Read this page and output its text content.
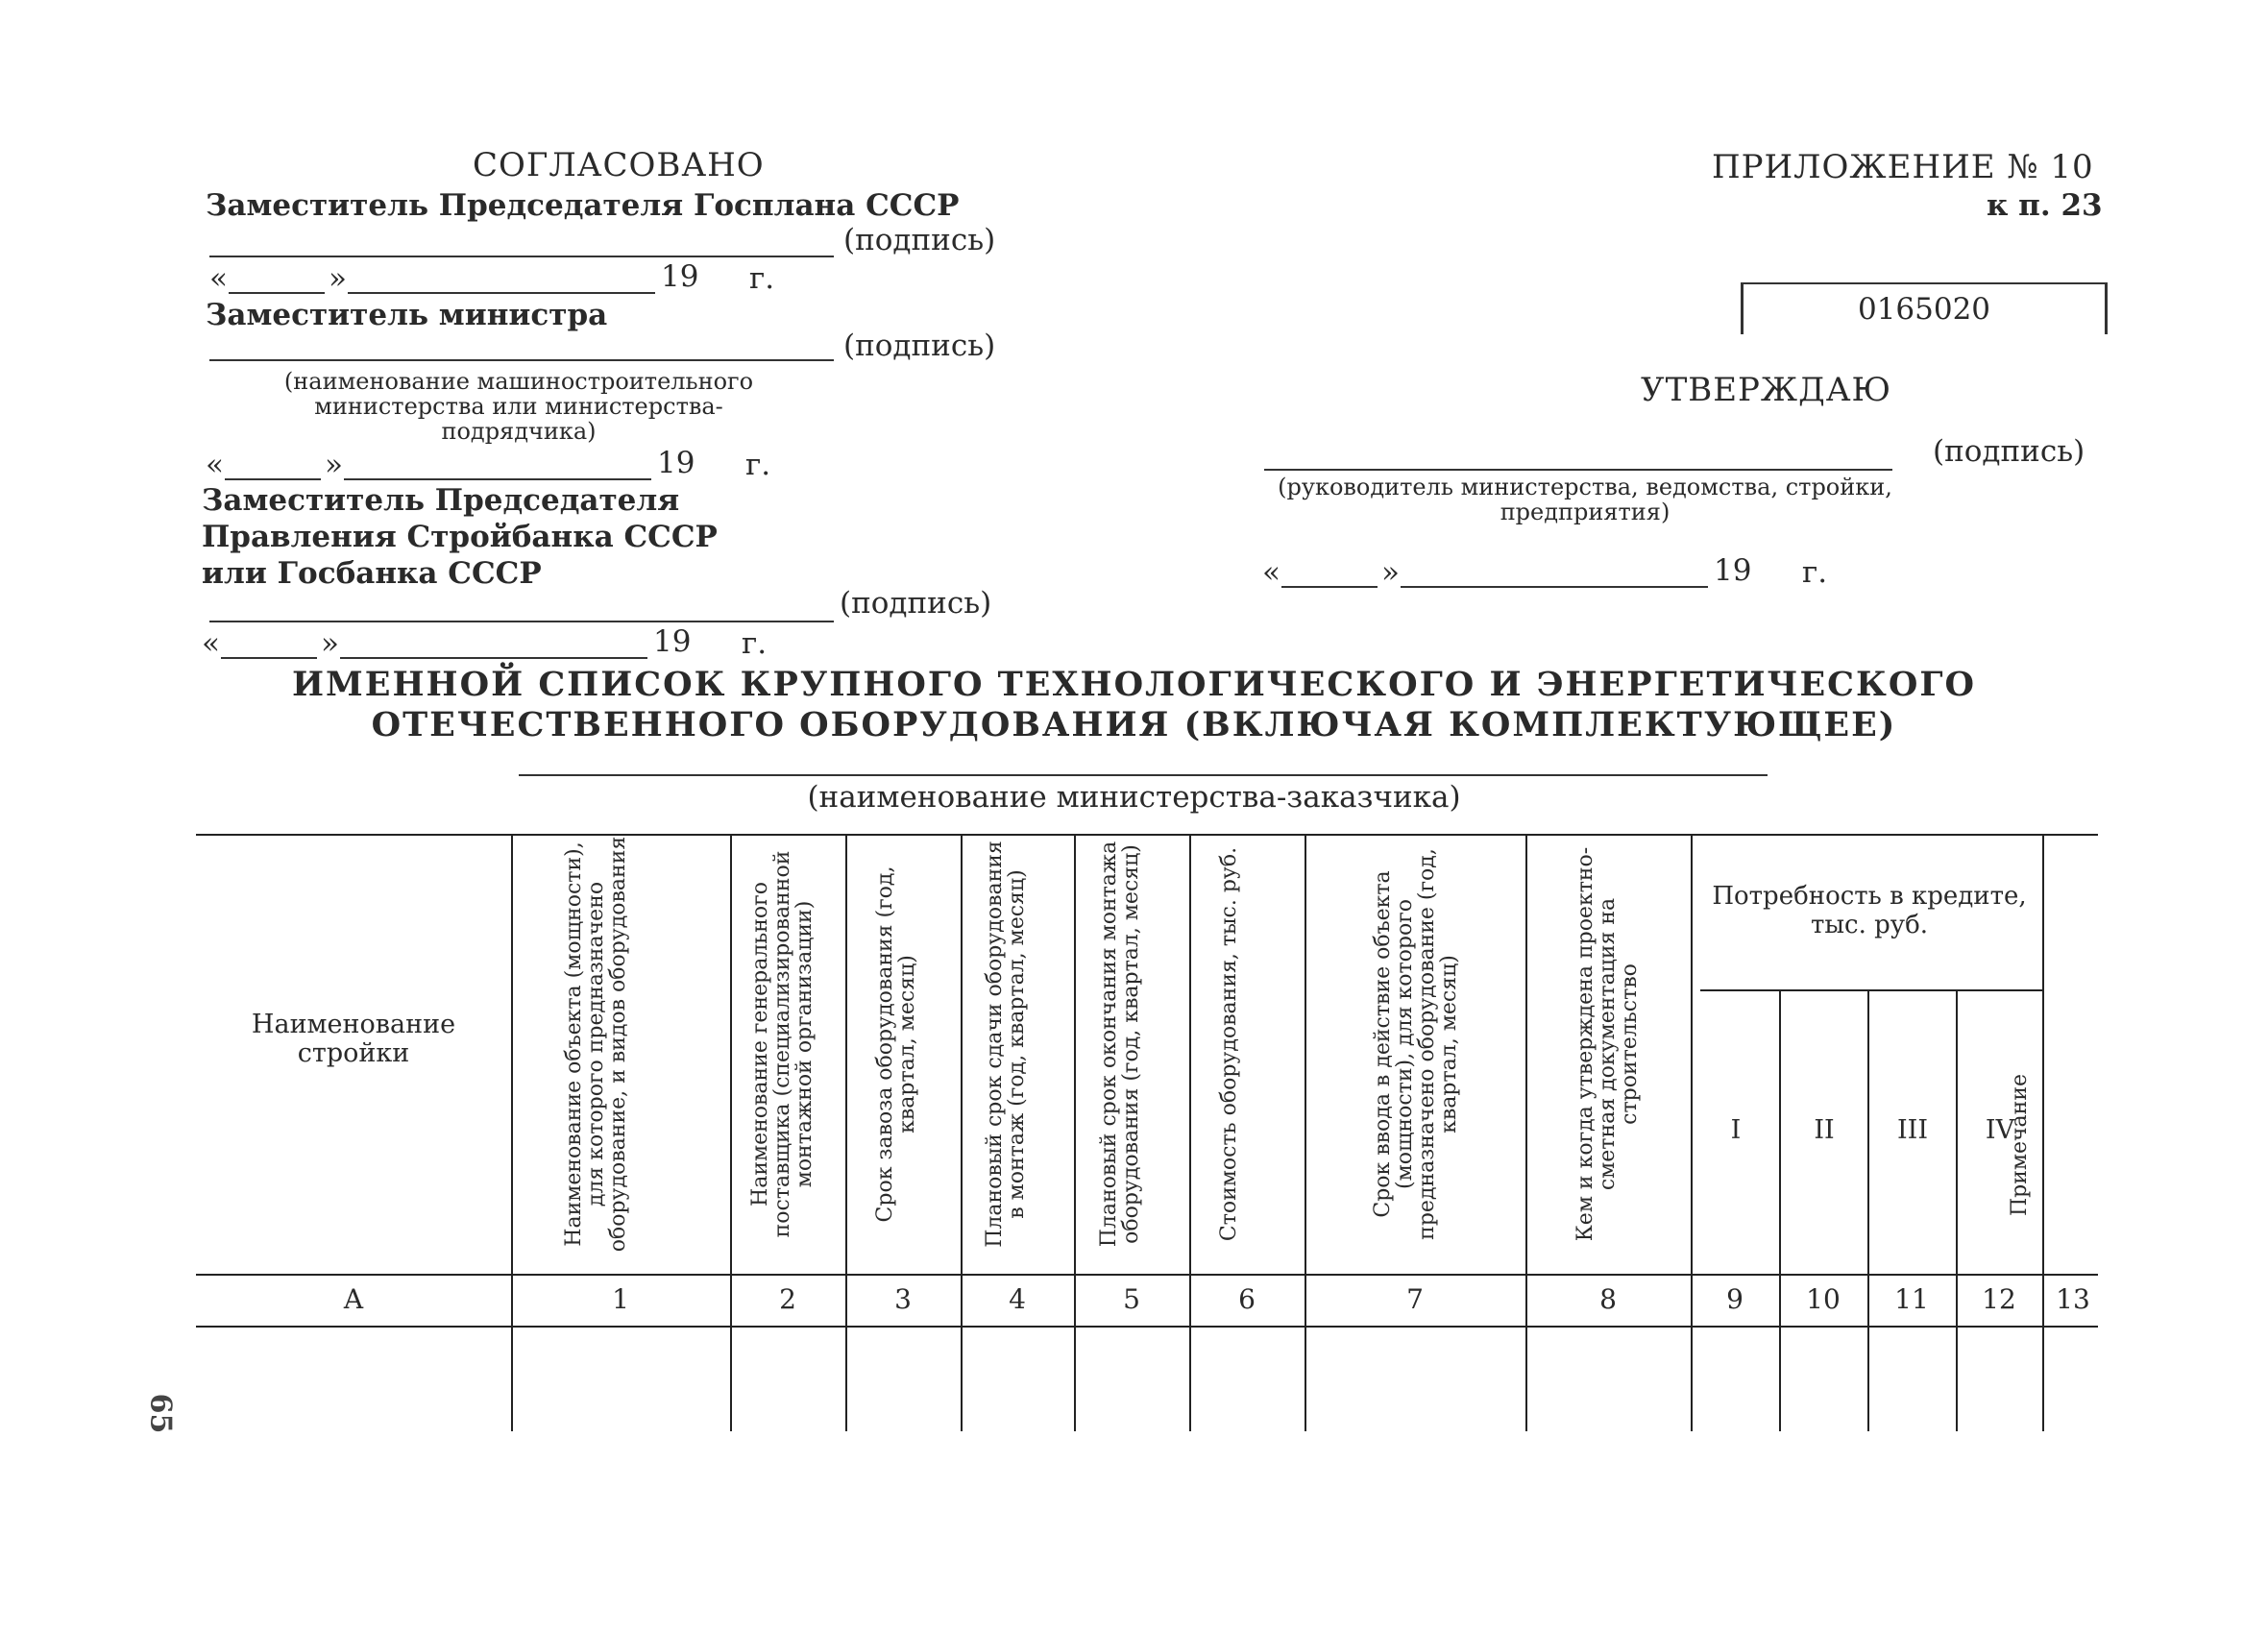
СОГЛАСОВАНО
Заместитель Председателя Госплана СССР
(подпись)
«	»	19 г.
Заместитель министра
(подпись)
(наименование машиностроительного министерства или министерства-подрядчика)
«	»	19 г.
Заместитель Председателя Правления Стройбанка СССР или Госбанка СССР
(подпись)
«	»	19 г.
ПРИЛОЖЕНИЕ № 10
к п. 23
0165020
УТВЕРЖДАЮ
(подпись)
(руководитель министерства, ведомства, стройки, предприятия)
«	»	19 г.
ИМЕННОЙ СПИСОК КРУПНОГО ТЕХНОЛОГИЧЕСКОГО И ЭНЕРГЕТИЧЕСКОГО
ОТЕЧЕСТВЕННОГО ОБОРУДОВАНИЯ (ВКЛЮЧАЯ КОМПЛЕКТУЮЩЕЕ)
(наименование министерства-заказчика)
Наименование стройки	Наименование объекта (мощности), для которого предназначено оборудование, и видов оборудования	Наименование генерального поставщика (специализированной монтажной организации)	Срок завоза оборудования (год, квартал, месяц)	Плановый срок сдачи оборудования в монтаж (год, квартал, месяц)	Плановый срок окончания монтажа оборудования (год, квартал, месяц)	Стоимость оборудования, тыс. руб.	Срок ввода в действие объекта (мощности), для которого предназначено оборудование (год, квартал, месяц)	Кем и когда утверждена проектно-сметная документация на строительство
Потребность в кредите, тыс. руб.
I	II	III	IV
Примечание
А	1	2	3	4	5	6	7	8	9	10	11	12	13
65
